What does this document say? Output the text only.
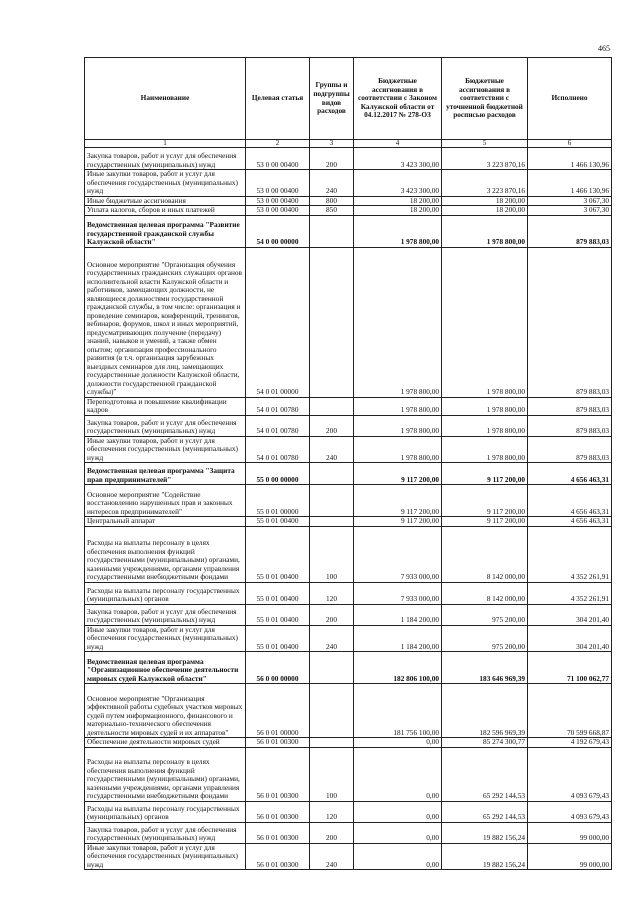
465
Наименование	Целевая статья	Группы и подгруппы видов расходов	Бюджетные ассигнования в соответствии с Законом Калужской области от 04.12.2017 № 278-ОЗ	Бюджетные ассигнования в соответствии с уточненной бюджетной росписью расходов	Исполнено
1	2	3	4	5	6
Закупка товаров, работ и услуг для обеспечения государственных (муниципальных) нужд	53 0 00 00400	200	3 423 300,00	3 223 870,16	1 466 130,96
Иные закупки товаров, работ и услуг для обеспечения государственных (муниципальных) нужд	53 0 00 00400	240	3 423 300,00	3 223 870,16	1 466 130,96
Иные бюджетные ассигнования	53 0 00 00400	800	18 200,00	18 200,00	3 067,30
Уплата налогов, сборов и иных платежей	53 0 00 00400	850	18 200,00	18 200,00	3 067,30
Ведомственная целевая программа "Развитие государственной гражданской службы Калужской области"	54 0 00 00000		1 978 800,00	1 978 800,00	879 883,03
Основное мероприятие "Организация обучения государственных гражданских служащих органов исполнительной власти Калужской области и работников, замещающих должности, не являющиеся должностями государственной гражданской службы, в том числе: организация и проведение семинаров, конференций, тренингов, вебинаров, форумов, школ и иных мероприятий, предусматривающих получение (передачу) знаний, навыков и умений, а также обмен опытом; организация профессионального развития (в т.ч. организация зарубежных выездных семинаров для лиц, замещающих государственные должности Калужской области, должности государственной гражданской службы)"	54 0 01 00000		1 978 800,00	1 978 800,00	879 883,03
Переподготовка и повышение квалификации кадров	54 0 01 00780		1 978 800,00	1 978 800,00	879 883,03
Закупка товаров, работ и услуг для обеспечения государственных (муниципальных) нужд	54 0 01 00780	200	1 978 800,00	1 978 800,00	879 883,03
Иные закупки товаров, работ и услуг для обеспечения государственных (муниципальных) нужд	54 0 01 00780	240	1 978 800,00	1 978 800,00	879 883,03
Ведомственная целевая программа "Защита прав предпринимателей"	55 0 00 00000		9 117 200,00	9 117 200,00	4 656 463,31
Основное мероприятие "Содействие восстановлению нарушенных прав и законных интересов предпринимателей"	55 0 01 00000		9 117 200,00	9 117 200,00	4 656 463,31
Центральный аппарат	55 0 01 00400		9 117 200,00	9 117 200,00	4 656 463,31
Расходы на выплаты персоналу в целях обеспечения выполнения функций государственными (муниципальными) органами, казенными учреждениями, органами управления государственными внебюджетными фондами	55 0 01 00400	100	7 933 000,00	8 142 000,00	4 352 261,91
Расходы на выплаты персоналу государственных (муниципальных) органов	55 0 01 00400	120	7 933 000,00	8 142 000,00	4 352 261,91
Закупка товаров, работ и услуг для обеспечения государственных (муниципальных) нужд	55 0 01 00400	200	1 184 200,00	975 200,00	304 201,40
Иные закупки товаров, работ и услуг для обеспечения государственных (муниципальных) нужд	55 0 01 00400	240	1 184 200,00	975 200,00	304 201,40
Ведомственная целевая программа "Организационное обеспечение деятельности мировых судей Калужской области"	56 0 00 00000		182 806 100,00	183 646 969,39	71 100 062,77
Основное мероприятие "Организация эффективной работы судебных участков мировых судей путем информационного, финансового и материально-технического обеспечения деятельности мировых судей и их аппаратов"	56 0 01 00000		181 756 100,00	182 596 969,39	70 599 668,87
Обеспечение деятельности мировых судей	56 0 01 00300		0,00	85 274 300,77	4 192 679,43
Расходы на выплаты персоналу в целях обеспечения выполнения функций государственными (муниципальными) органами, казенными учреждениями, органами управления государственными внебюджетными фондами	56 0 01 00300	100	0,00	65 292 144,53	4 093 679,43
Расходы на выплаты персоналу государственных (муниципальных) органов	56 0 01 00300	120	0,00	65 292 144,53	4 093 679,43
Закупка товаров, работ и услуг для обеспечения государственных (муниципальных) нужд	56 0 01 00300	200	0,00	19 882 156,24	99 000,00
Иные закупки товаров, работ и услуг для обеспечения государственных (муниципальных) нужд	56 0 01 00300	240	0,00	19 882 156,24	99 000,00
